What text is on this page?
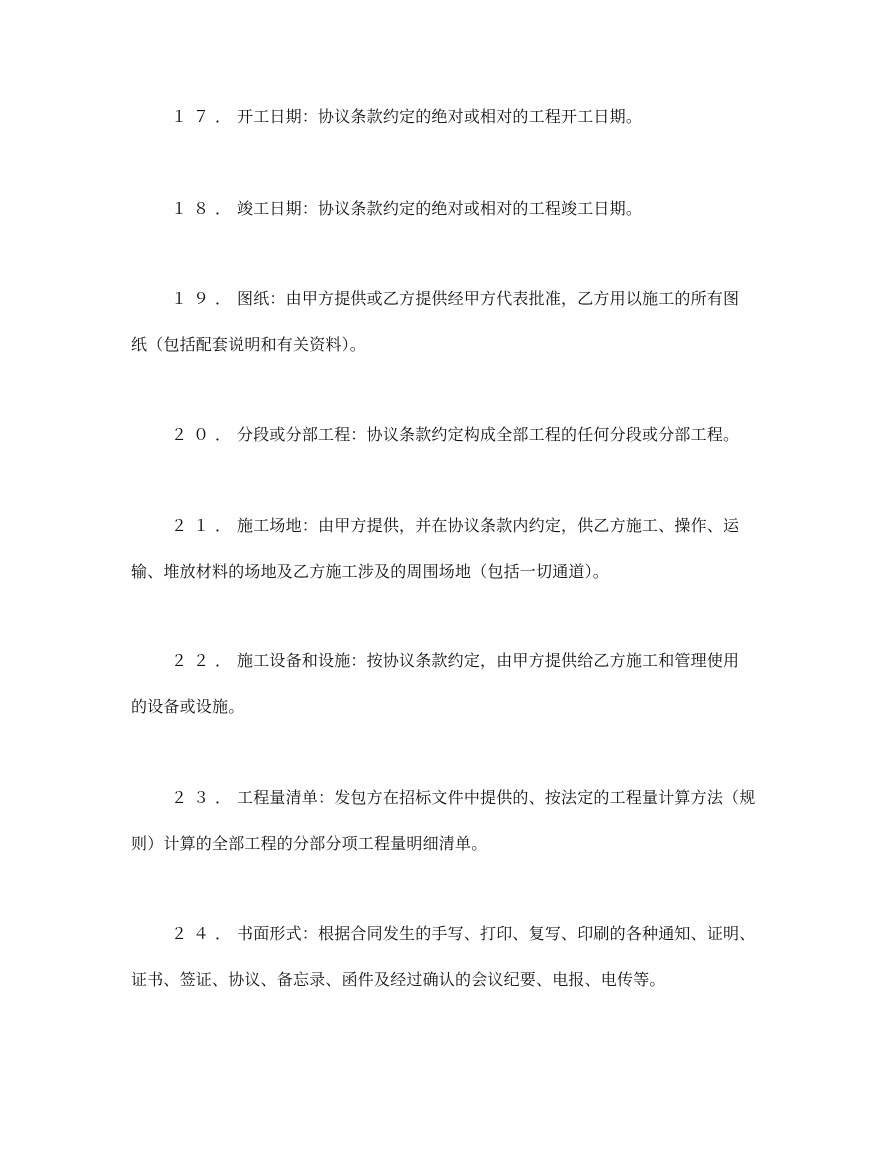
１７．开工日期：协议条款约定的绝对或相对的工程开工日期。

１８．竣工日期：协议条款约定的绝对或相对的工程竣工日期。

１９．图纸：由甲方提供或乙方提供经甲方代表批准，乙方用以施工的所有图
纸（包括配套说明和有关资料）。

２０．分段或分部工程：协议条款约定构成全部工程的任何分段或分部工程。

２１．施工场地：由甲方提供，并在协议条款内约定，供乙方施工、操作、运
输、堆放材料的场地及乙方施工涉及的周围场地（包括一切通道）。

２２．施工设备和设施：按协议条款约定，由甲方提供给乙方施工和管理使用
的设备或设施。

２３．工程量清单：发包方在招标文件中提供的、按法定的工程量计算方法（规
则）计算的全部工程的分部分项工程量明细清单。

２４．书面形式：根据合同发生的手写、打印、复写、印刷的各种通知、证明、
证书、签证、协议、备忘录、函件及经过确认的会议纪要、电报、电传等。
